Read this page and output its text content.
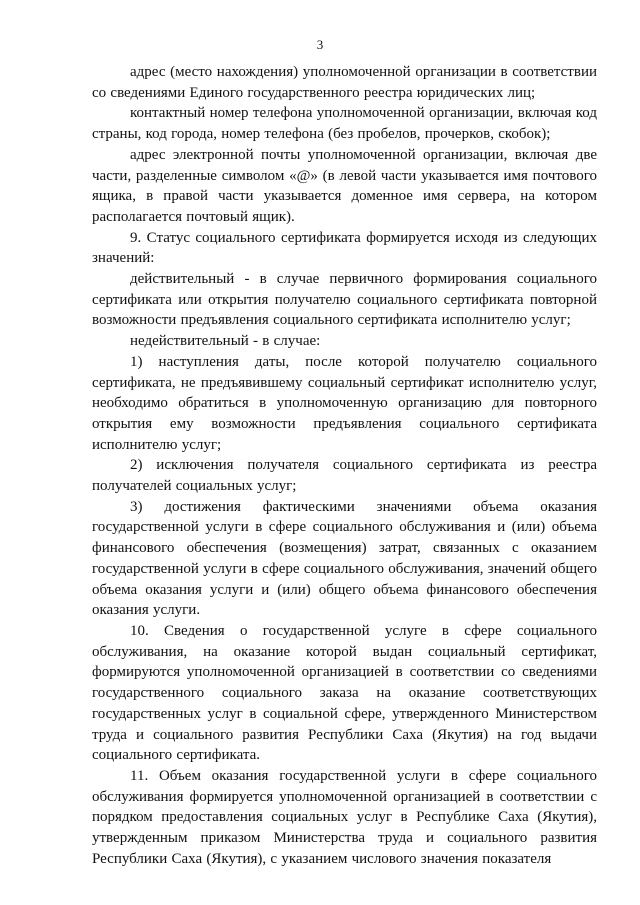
3

адрес (место нахождения) уполномоченной организации в соответствии со сведениями Единого государственного реестра юридических лиц;

контактный номер телефона уполномоченной организации, включая код страны, код города, номер телефона (без пробелов, прочерков, скобок);

адрес электронной почты уполномоченной организации, включая две части, разделенные символом «@» (в левой части указывается имя почтового ящика, в правой части указывается доменное имя сервера, на котором располагается почтовый ящик).

9. Статус социального сертификата формируется исходя из следующих значений:

действительный - в случае первичного формирования социального сертификата или открытия получателю социального сертификата повторной возможности предъявления социального сертификата исполнителю услуг;

недействительный - в случае:

1) наступления даты, после которой получателю социального сертификата, не предъявившему социальный сертификат исполнителю услуг, необходимо обратиться в уполномоченную организацию для повторного открытия ему возможности предъявления социального сертификата исполнителю услуг;

2) исключения получателя социального сертификата из реестра получателей социальных услуг;

3) достижения фактическими значениями объема оказания государственной услуги в сфере социального обслуживания и (или) объема финансового обеспечения (возмещения) затрат, связанных с оказанием государственной услуги в сфере социального обслуживания, значений общего объема оказания услуги и (или) общего объема финансового обеспечения оказания услуги.

10. Сведения о государственной услуге в сфере социального обслуживания, на оказание которой выдан социальный сертификат, формируются уполномоченной организацией в соответствии со сведениями государственного социального заказа на оказание соответствующих государственных услуг в социальной сфере, утвержденного Министерством труда и социального развития Республики Саха (Якутия) на год выдачи социального сертификата.

11. Объем оказания государственной услуги в сфере социального обслуживания формируется уполномоченной организацией в соответствии с порядком предоставления социальных услуг в Республике Саха (Якутия), утвержденным приказом Министерства труда и социального развития Республики Саха (Якутия), с указанием числового значения показателя
